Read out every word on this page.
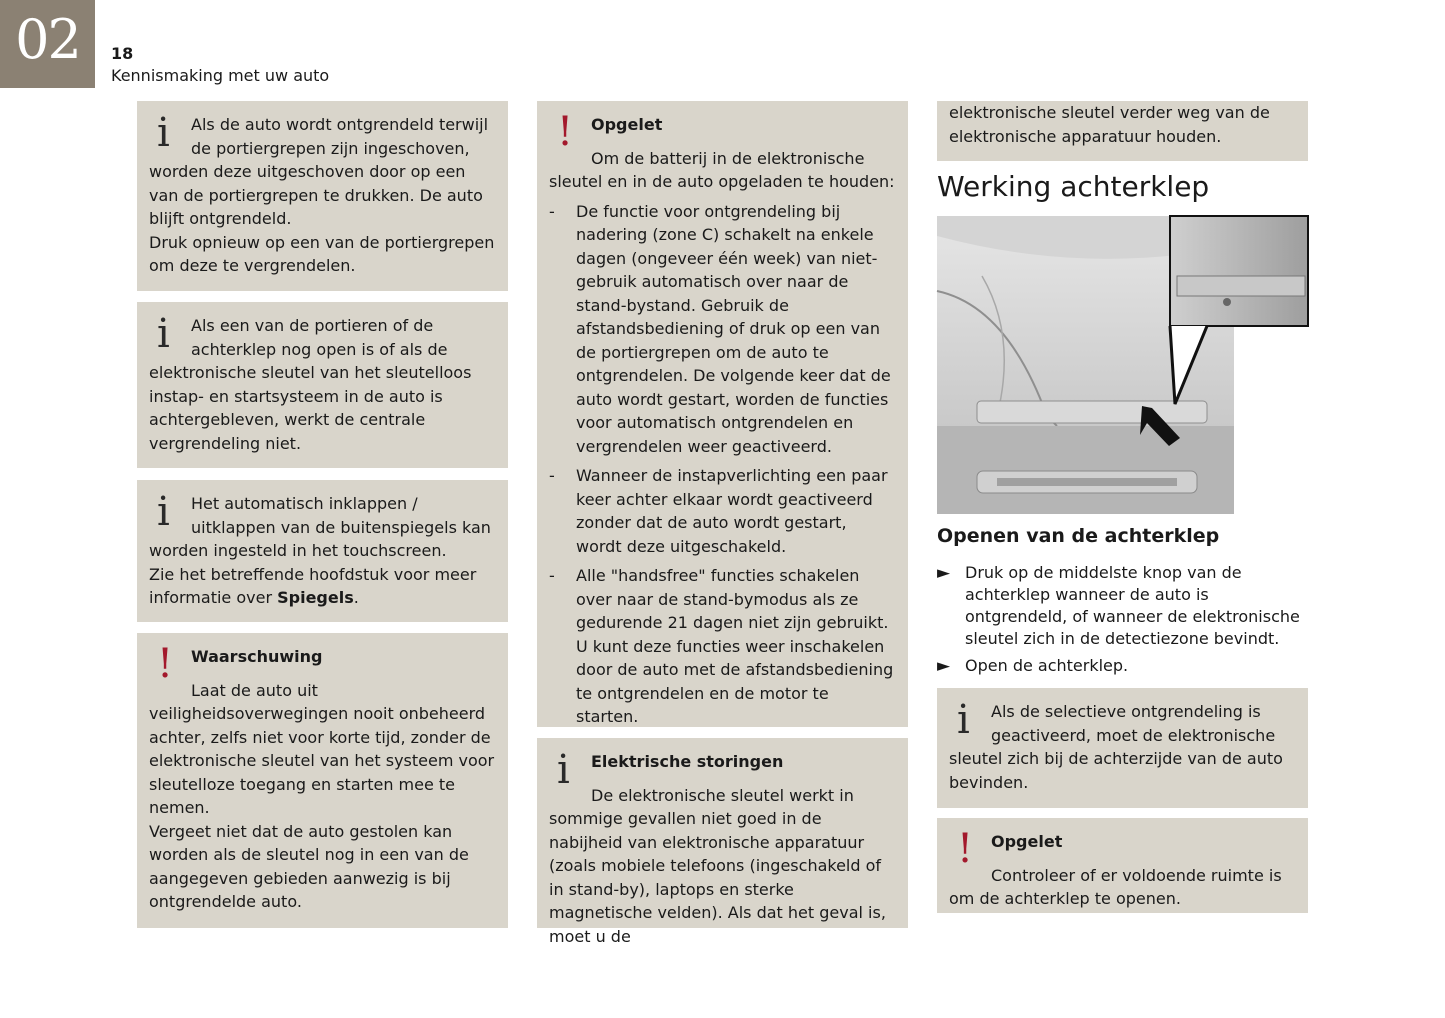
02	18
Kennismaking met uw auto
i	Als de auto wordt ontgrendeld terwijl de portiergrepen zijn ingeschoven,

worden deze uitgeschoven door op een van de portiergrepen te drukken. De auto blijft ontgrendeld.

Druk opnieuw op een van de portiergrepen om deze te vergrendelen.

i	Als een van de portieren of de achterklep nog open is of als de

elektronische sleutel van het sleutelloos instap- en startsysteem in de auto is achtergebleven, werkt de centrale vergrendeling niet.

i	Het automatisch inklappen / uitklappen van de buitenspiegels kan

worden ingesteld in het touchscreen.

Zie het betreffende hoofdstuk voor meer informatie over Spiegels.

!	Waarschuwing

Laat de auto uit

veiligheidsoverwegingen nooit onbeheerd achter, zelfs niet voor korte tijd, zonder de elektronische sleutel van het systeem voor sleutelloze toegang en starten mee te nemen.

Vergeet niet dat de auto gestolen kan worden als de sleutel nog in een van de aangegeven gebieden aanwezig is bij ontgrendelde auto.

!	Opgelet

Om de batterij in de elektronische

sleutel en in de auto opgeladen te houden:

- De functie voor ontgrendeling bij nadering (zone C) schakelt na enkele dagen (ongeveer één week) van niet-gebruik automatisch over naar de stand-bystand. Gebruik de afstandsbediening of druk op een van de portiergrepen om de auto te ontgrendelen. De volgende keer dat de auto wordt gestart, worden de functies voor automatisch ontgrendelen en vergrendelen weer geactiveerd.
- Wanneer de instapverlichting een paar keer achter elkaar wordt geactiveerd zonder dat de auto wordt gestart, wordt deze uitgeschakeld.
- Alle "handsfree" functies schakelen over naar de stand-bymodus als ze gedurende 21 dagen niet zijn gebruikt. U kunt deze functies weer inschakelen door de auto met de afstandsbediening te ontgrendelen en de motor te starten.
i	Elektrische storingen

De elektronische sleutel werkt in

sommige gevallen niet goed in de nabijheid van elektronische apparatuur (zoals mobiele telefoons (ingeschakeld of in stand-by), laptops en sterke magnetische velden). Als dat het geval is, moet u de

elektronische sleutel verder weg van de elektronische apparatuur houden.

Werking achterklep
Openen van de achterklep
► Druk op de middelste knop van de achterklep wanneer de auto is ontgrendeld, of wanneer de elektronische sleutel zich in de detectiezone bevindt.
► Open de achterklep.
i	Als de selectieve ontgrendeling is geactiveerd, moet de elektronische

sleutel zich bij de achterzijde van de auto bevinden.

!	Opgelet

Controleer of er voldoende ruimte is

om de achterklep te openen.
